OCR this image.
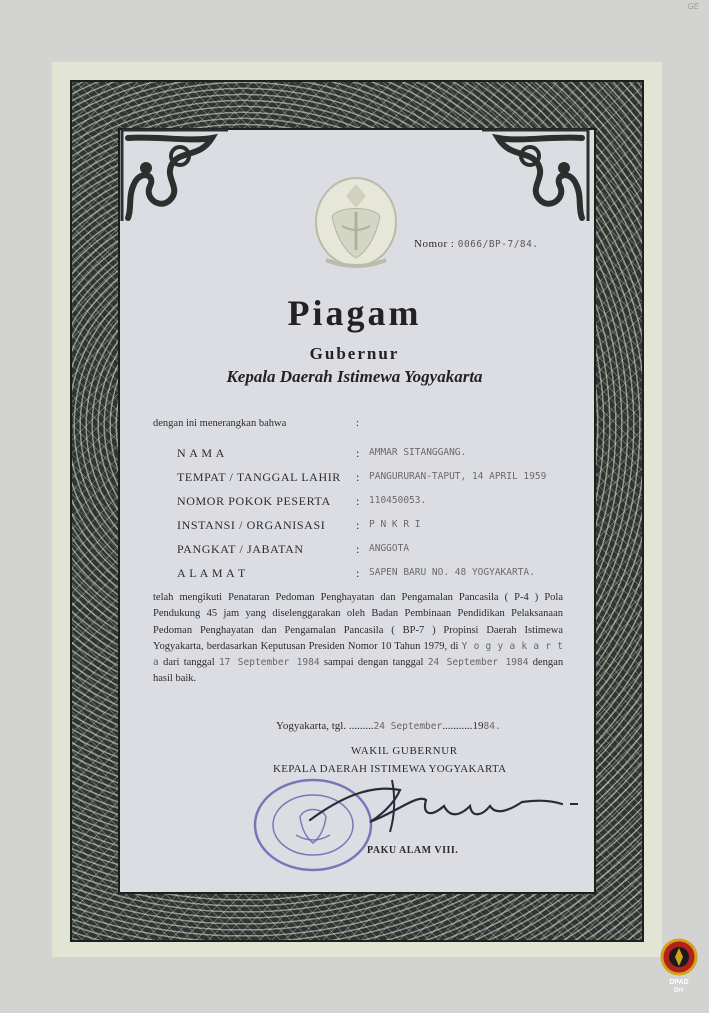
GE
Nomor : 0066/BP-7/84.
Piagam
Gubernur
Kepala Daerah Istimewa Yogyakarta
dengan ini menerangkan bahwa	:
N A M A	: AMMAR SITANGGANG.
TEMPAT / TANGGAL LAHIR : PANGURURAN-TAPUT, 14 APRIL 1959
NOMOR POKOK PESERTA : 110450053.
INSTANSI / ORGANISASI	: P N K R I
PANGKAT / JABATAN	: ANGGOTA
A L A M A T	: SAPEN BARU NO. 48 YOGYAKARTA.
telah mengikuti Penataran Pedoman Penghayatan dan Pengamalan Pancasila ( P-4 ) Pola Pendukung 45 jam yang diselenggarakan oleh Badan Pembinaan Pendidikan Pelaksanaan Pedoman Penghayatan dan Pengamalan Pancasila ( BP-7 ) Propinsi Daerah Istimewa Yogyakarta, berdasarkan Keputusan Presiden Nomor 10 Tahun 1979, di Y o g y a k a r t a dari tanggal 17 September 1984 sampai dengan tanggal 24 September 1984 dengan hasil baik.
Yogyakarta, tgl. .........24 September...........1984.
WAKIL GUBERNUR
KEPALA DAERAH ISTIMEWA YOGYAKARTA
PAKU ALAM VIII.
DPAD
DIY
